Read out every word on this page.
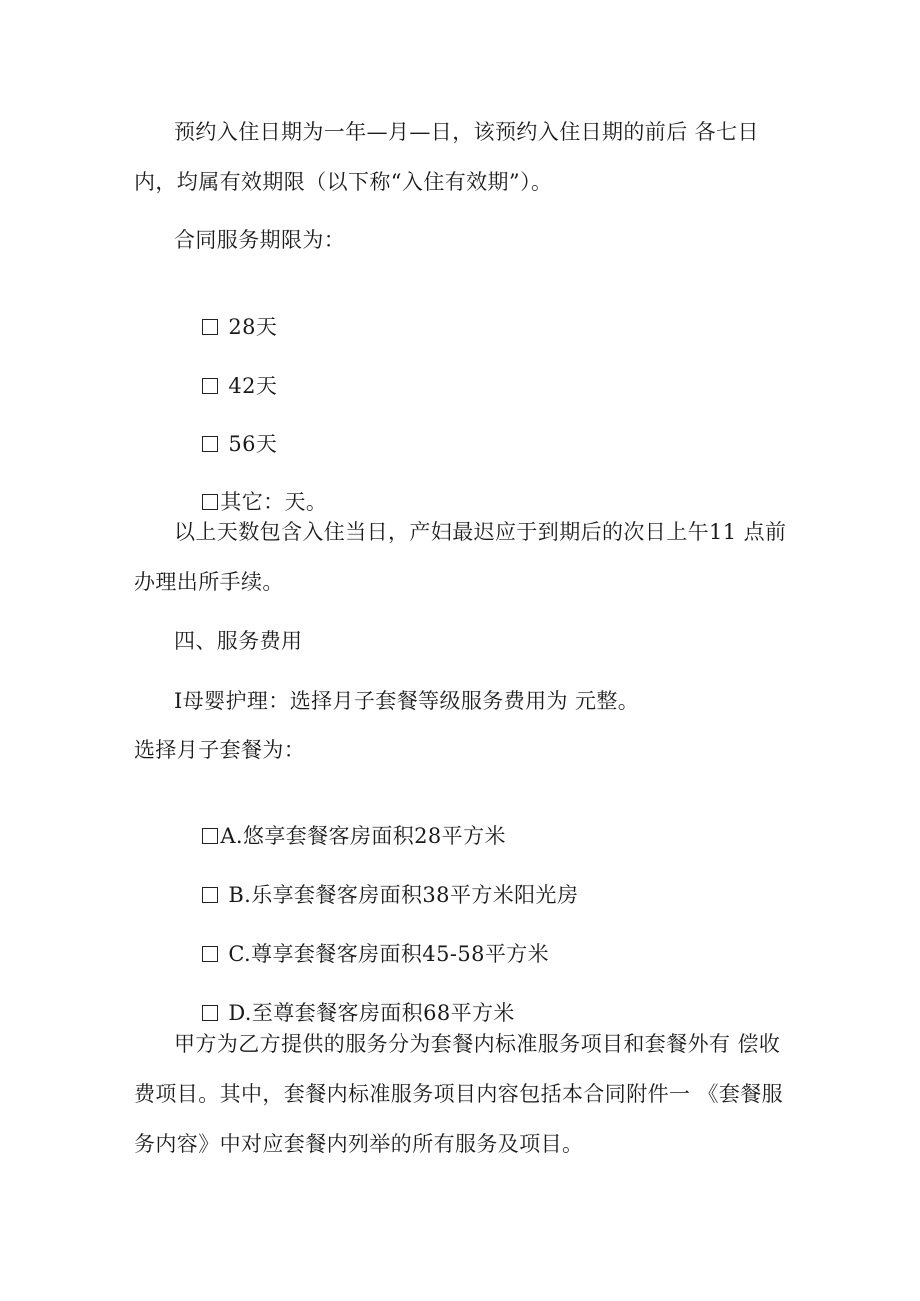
预约入住日期为一年—月—日，该预约入住日期的前后 各七日
内，均属有效期限（以下称“入住有效期”）。
合同服务期限为：

28天

42天

56天

其它：天。

以上天数包含入住当日，产妇最迟应于到期后的次日上午11 点前
办理出所手续。
四、服务费用
I母婴护理：选择月子套餐等级服务费用为 元整。
选择月子套餐为：

A.悠享套餐客房面积28平方米

B.乐享套餐客房面积38平方米阳光房

C.尊享套餐客房面积45-58平方米

D.至尊套餐客房面积68平方米

甲方为乙方提供的服务分为套餐内标准服务项目和套餐外有 偿收
费项目。其中，套餐内标准服务项目内容包括本合同附件一 《套餐服
务内容》中对应套餐内列举的所有服务及项目。
